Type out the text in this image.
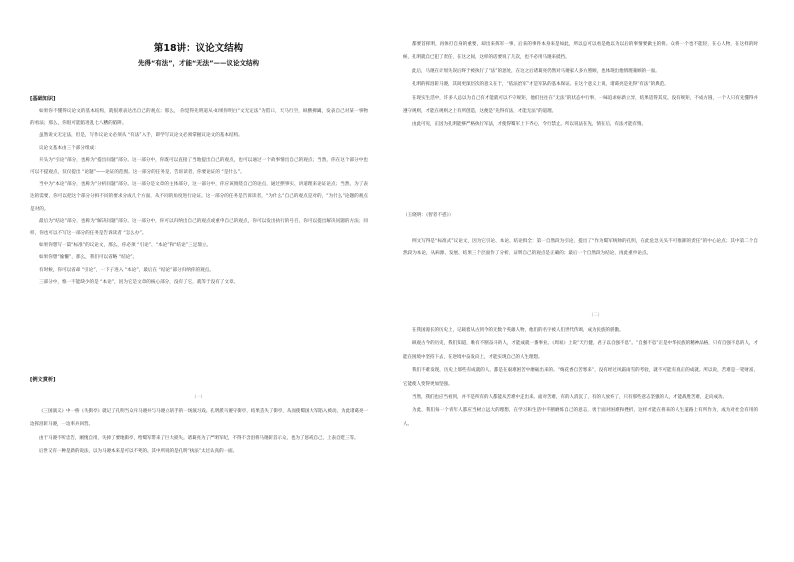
第18讲：议论文结构
先得“有法”，才能“无法”——议论文结构
[基础知识]
如果你不懂得议论文的基本结构，就很难表达出自己的观点；那么， 你觉得先明道从·如果你明白“文无定法”为借口，天马行空，纵横捭阖，发表自己对某一事物的看法；那么，你很可能陷进乱七八糟的陷阱。
虽然说文无定法，但是，写作议论文必须从 “有法”入手，即学写议论文必须掌握议论文的基本结构。
议论文基本由三个部分组成：
开头为“引论”部分，也称为“提出问题”部分。这一部分中，你既可以直接了当地提出自己的观点，也可以通过一个故事情出自己的观点；当然，你在这个部分中也可以不提观点，仅仅提出 “论题”——论证的范围。这一部分的任务是，告诉读者，你要论证的 “是什么”。
当中为“本论”部分，也称为“分析问题”部分。这一部分是文章的主体部分，这一部分中，你应该围绕自己的论点，通过摆事实、讲道理来论证论点；当然，为了表达的需要，你可以把这个部分分拆不同的要求分成几个方面，从不同的角度进行论证。这一部分的任务是告诉读者，“为什么”自己的观点是对的，“为什么”论题的观点是对的。
最后为“结论”部分，也称为“解决问题”部分。这一部分中，你可以归纳出自己的观点或重申自己的观点，你可以发出执行的号召，你可以提出解决问题的方法；同样，你也可以不写这一部分的任务是告诉读者 “怎么办”。
如果你想写一篇“标准”的议论文，那么，你必须 “引论”、“本论”和“结论”三足鼎立。
如果你想“偷懒”，那么，我们可以省略 “结论”。
有时候，你可以省却 “引论”，一下子进入 “本论”，最后在 “结论”部分归纳你的观点。
三部分中，惟一不能缺少的是 “本论”，因为它是文章的核心部分，没有了它，就等于没有了文章。
[例文赏析]
(一)
《三国演义》中一桥《失街亭》就记了孔明当众斥马谡并与马谡立斩手的一场演习戏。孔明派马谡守街亭，结果丢失了街亭，从而使蜀国大军陷入被动。为此诸葛亮一边挥泪斩马谡，一边率兵回营。
由于马谡不听忠告，刚愎自用，失掉了要地街亭，给蜀军带来了巨大损失。诸葛亮为了严明军纪，不得不含泪将马谡斩首示众，也为了惩戒自己，上表自贬三等。
后世又有一种是新的说法，以为马谡本来是可以不死的。其中所说的是孔明“执法”太过认真的一面。
都要首挥明，再体打自身的重要，却出来挥军一事，后来的事件本身来是如此，所以总可以看是他以为以后的事情要做主的将。众将一个也不能轻，在心人物，在这样的时候，孔明就自已犯了责任，在这之间，这样的话要说了几次，也不必用马谡来抵挡。
此后，马谡在计划失误后终于被执行了“法”的惩处，在这之后诸葛亮仍然对马谡家人多方照顾，也体现出他情理兼顾的一面。
孔明的挥泪斩马谡，其间更深层次的意义在于，“依法治军”才是军队的基本保证。在这个意义上说，诸葛亮是先得“有法”的典范。
在现实生活中，许多人总以为自己有才能就可以不守规矩，他们往往在“无法”的状态中行事，一味追求标新立异，结果适得其反。没有规矩，不成方圆，一个人只有先懂得并遵守规则，才能在规则之上有所创造，这便是“先得有法，才能无法”的道理。
由此可见，正因为孔明能够严格执行军法，才使得蜀军上下齐心，令行禁止。所以说法在先，情在后，有法才能有情。
（王晓明：《智者不惑》）
例文写得是“标准式”议论文，因为它引论、本论、结论俱全：第一自然段为引论，提出了“作为蜀军统帅的孔明，在此危急关头不可推卸的责任”的中心论点；其中第二个自然段为本论，从病源、发展、结果三个层面作了分析，证明自己的观点是正确的；最后一个自然段为结论，再此重申论点。
(二)
在我国漫长的历史上，记载着从古到今的无数个英雄人物，他们的名字被人们世代传颂，成为民族的骄傲。
纵观古今的历史，我们知道，唯有不断奋斗的人，才能成就一番事业。《周易》上说“天行健，君子以自强不息”。“自强不息”正是中华民族的精神品格，只有自强不息的人，才能在困境中坚持下去，在逆境中奋发向上，才能实现自己的人生理想。
我们不难发现，历史上那些有成就的人，都是在艰难困苦中磨砺出来的。“梅花香自苦寒来”，没有经过风霜雨雪的考验，就不可能有真正的成就。所以说，苦难是一笔财富，它能使人变得更加坚强。
当然，我们也应当看到，并不是所有的人都能从苦难中走出来。面对苦难，有的人消沉了，有的人放弃了，只有那些意志坚强的人，才能战胜苦难，走向成功。
为此，我们每一个青年人都应当树立远大的理想，在学习和生活中不断磨炼自己的意志，勇于面对困难和挫折，这样才能在将来的人生道路上有所作为，成为对社会有用的人。
